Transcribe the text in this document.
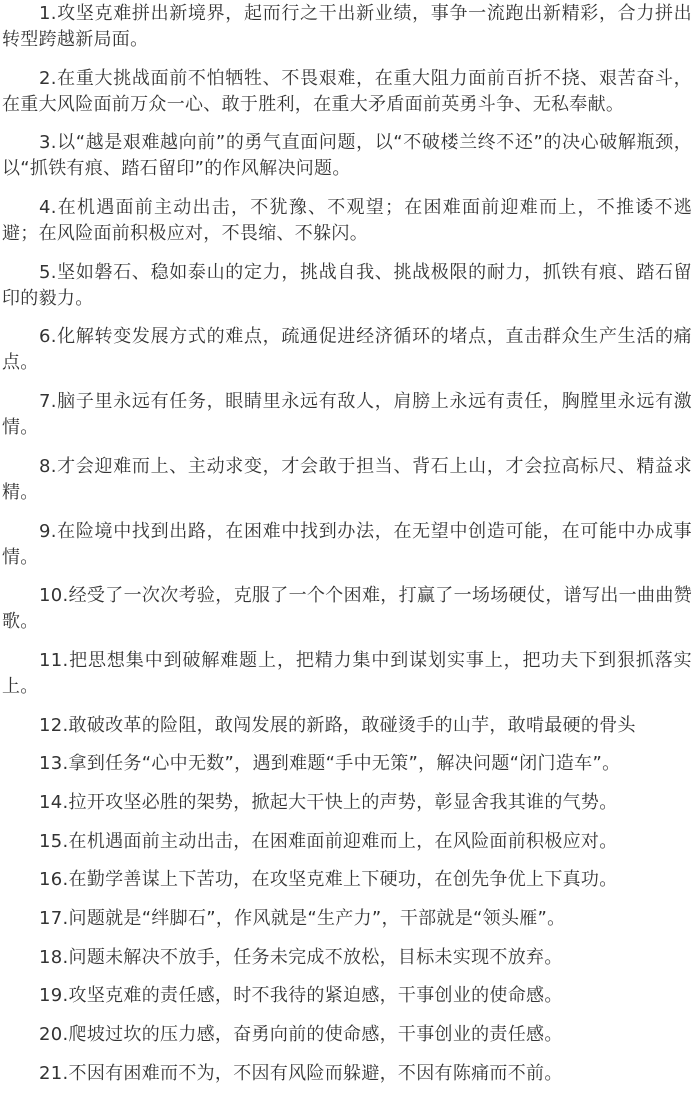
1.攻坚克难拼出新境界，起而行之干出新业绩，事争一流跑出新精彩，合力拼出转型跨越新局面。

2.在重大挑战面前不怕牺牲、不畏艰难，在重大阻力面前百折不挠、艰苦奋斗，在重大风险面前万众一心、敢于胜利，在重大矛盾面前英勇斗争、无私奉献。

3.以“越是艰难越向前”的勇气直面问题，以“不破楼兰终不还”的决心破解瓶颈，以“抓铁有痕、踏石留印”的作风解决问题。

4.在机遇面前主动出击，不犹豫、不观望；在困难面前迎难而上，不推诿不逃避；在风险面前积极应对，不畏缩、不躲闪。

5.坚如磐石、稳如泰山的定力，挑战自我、挑战极限的耐力，抓铁有痕、踏石留印的毅力。

6.化解转变发展方式的难点，疏通促进经济循环的堵点，直击群众生产生活的痛点。

7.脑子里永远有任务，眼睛里永远有敌人，肩膀上永远有责任，胸膛里永远有激情。

8.才会迎难而上、主动求变，才会敢于担当、背石上山，才会拉高标尺、精益求精。

9.在险境中找到出路，在困难中找到办法，在无望中创造可能，在可能中办成事情。

10.经受了一次次考验，克服了一个个困难，打赢了一场场硬仗，谱写出一曲曲赞歌。

11.把思想集中到破解难题上，把精力集中到谋划实事上，把功夫下到狠抓落实上。

12.敢破改革的险阻，敢闯发展的新路，敢碰烫手的山芋，敢啃最硬的骨头

13.拿到任务“心中无数”，遇到难题“手中无策”，解决问题“闭门造车”。

14.拉开攻坚必胜的架势，掀起大干快上的声势，彰显舍我其谁的气势。

15.在机遇面前主动出击，在困难面前迎难而上，在风险面前积极应对。

16.在勤学善谋上下苦功，在攻坚克难上下硬功，在创先争优上下真功。

17.问题就是“绊脚石”，作风就是“生产力”，干部就是“领头雁”。

18.问题未解决不放手，任务未完成不放松，目标未实现不放弃。

19.攻坚克难的责任感，时不我待的紧迫感，干事创业的使命感。

20.爬坡过坎的压力感，奋勇向前的使命感，干事创业的责任感。

21.不因有困难而不为，不因有风险而躲避，不因有陈痛而不前。
